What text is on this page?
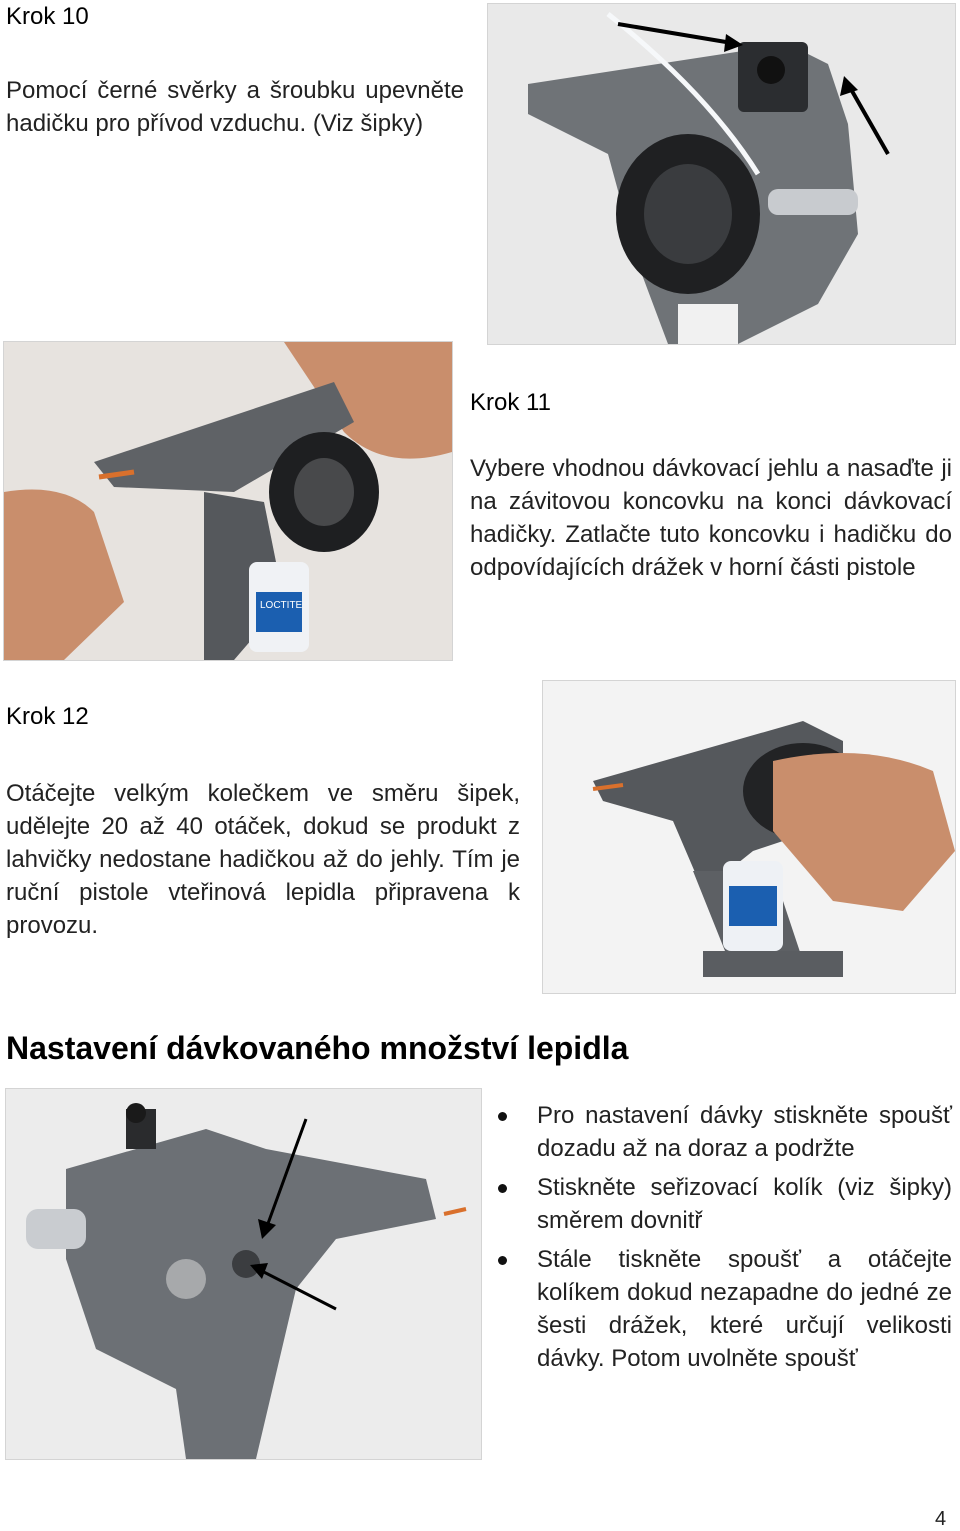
Krok 10
Pomocí černé svěrky a šroubku upevněte hadičku pro přívod vzduchu. (Viz šipky)
LOCTITE
Krok 11
Vybere vhodnou dávkovací jehlu a nasaďte ji na závitovou koncovku na konci dávkovací hadičky. Zatlačte tuto koncovku i hadičku do odpovídajících drážek v horní části pistole
Krok 12
Otáčejte velkým kolečkem ve směru šipek, udělejte 20 až 40 otáček, dokud se produkt z lahvičky nedostane hadičkou až do jehly. Tím je ruční pistole vteřinová lepidla připravena k provozu.
Nastavení dávkovaného množství lepidla
Pro nastavení dávky stiskněte spoušť dozadu až na doraz a podržte
Stiskněte seřizovací kolík (viz šipky) směrem dovnitř
Stále tiskněte spoušť a otáčejte kolíkem dokud nezapadne do jedné ze šesti drážek, které určují velikosti dávky. Potom uvolněte spoušť
4
